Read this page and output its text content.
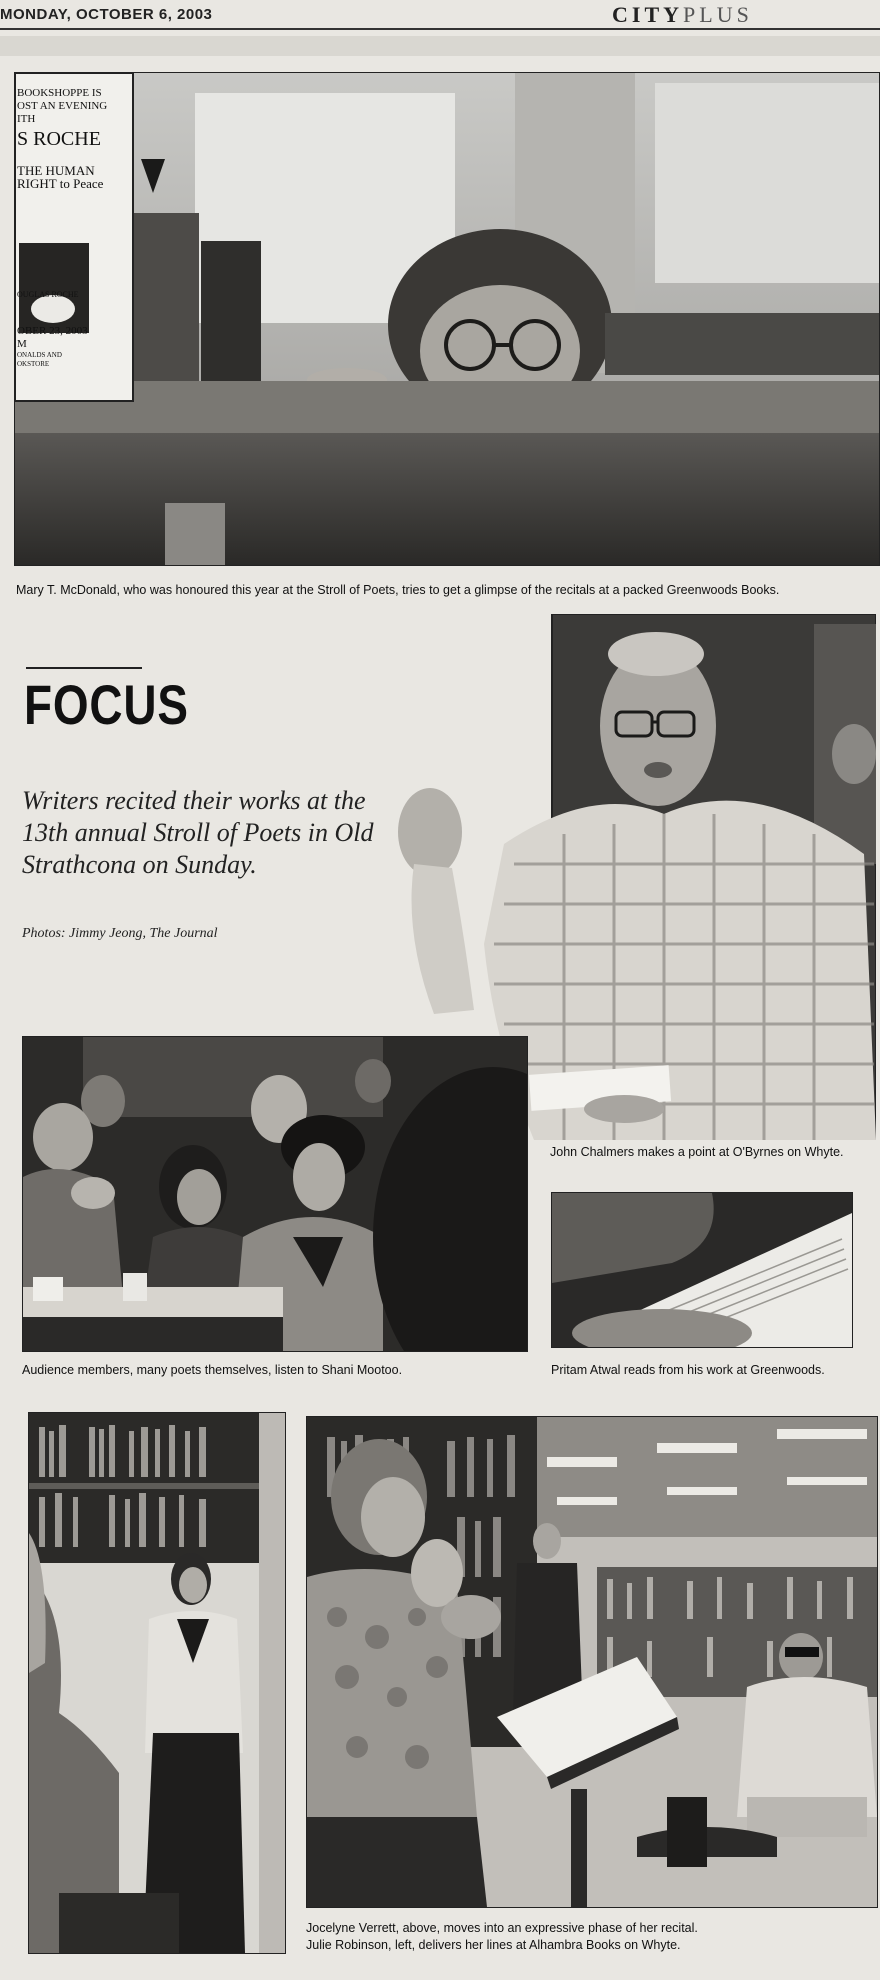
MONDAY, OCTOBER 6, 2003	CITYPLUS
BOOKSHOPPE IS
OST AN EVENING
ITH
S ROCHE
THE HUMAN
RIGHT to Peace
OUGLAS ROCHE
OBER 23, 2003
M
ONALDS AND
OKSTORE
Mary T. McDonald, who was honoured this year at the Stroll of Poets, tries to get a glimpse of the recitals at a packed Greenwoods Books.
FOCUS
Writers recited their works at the 13th annual Stroll of Poets in Old Strathcona on Sunday.
Photos: Jimmy Jeong, The Journal
John Chalmers makes a point at O'Byrnes on Whyte.
Audience members, many poets themselves, listen to Shani Mootoo.	Pritam Atwal reads from his work at Greenwoods.
Jocelyne Verrett, above, moves into an expressive phase of her recital.
Julie Robinson, left, delivers her lines at Alhambra Books on Whyte.
